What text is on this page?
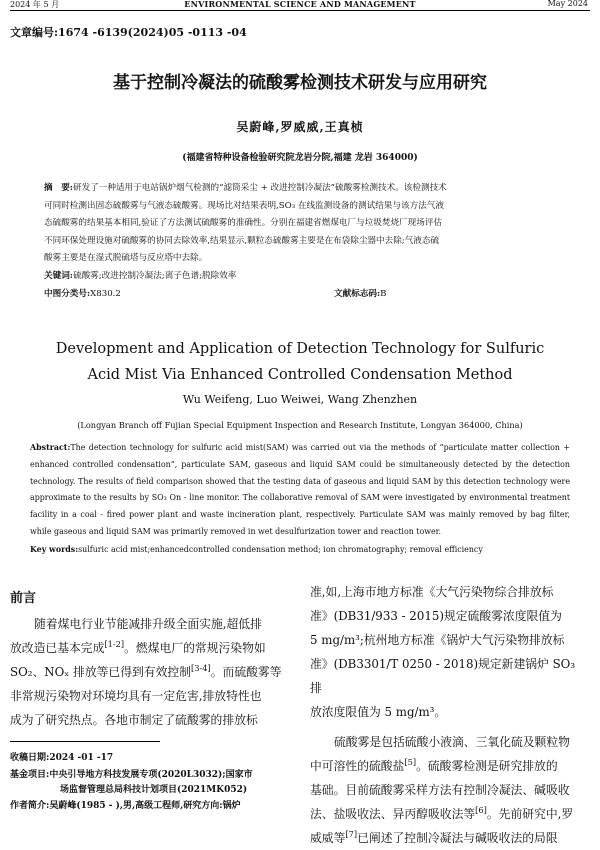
2024 年 5 月	ENVIRONMENTAL SCIENCE AND MANAGEMENT	May 2024
文章编号:1674 -6139(2024)05 -0113 -04
基于控制冷凝法的硫酸雾检测技术研发与应用研究
吴蔚峰,罗威威,王真桢
(福建省特种设备检验研究院龙岩分院,福建 龙岩 364000)
摘　要:研发了一种适用于电站锅炉烟气检测的“滤筒采尘 + 改进控制冷凝法”硫酸雾检测技术。该检测技术
可同时检测出固态硫酸雾与气液态硫酸雾。现场比对结果表明,SO₃ 在线监测设备的测试结果与该方法气液
态硫酸雾的结果基本相同,验证了方法测试硫酸雾的准确性。分别在福建省燃煤电厂与垃圾焚烧厂现场评估
不同环保处理设施对硫酸雾的协同去除效率,结果显示,颗粒态硫酸雾主要是在布袋除尘器中去除;气液态硫
酸雾主要是在湿式脱硫塔与反应塔中去除。
关键词:硫酸雾;改进控制冷凝法;离子色谱;脱除效率
中图分类号:X830.2	文献标志码:B
Development and Application of Detection Technology for Sulfuric
Acid Mist Via Enhanced Controlled Condensation Method
Wu Weifeng, Luo Weiwei, Wang Zhenzhen
(Longyan Branch off Fujian Special Equipment Inspection and Research Institute, Longyan 364000, China)
Abstract:The detection technology for sulfuric acid mist(SAM) was carried out via the methods of “particulate matter collection + enhanced controlled condensation”, particulate SAM, gaseous and liquid SAM could be simultaneously detected by the detection technology. The results of field comparison showed that the testing data of gaseous and liquid SAM by this detection technology were approximate to the results by SO₃ On - line monitor. The collaborative removal of SAM were investigated by environmental treatment facility in a coal - fired power plant and waste incineration plant, respectively. Particulate SAM was mainly removed by bag filter, while gaseous and liquid SAM was primarily removed in wet desulfurization tower and reaction tower.
Key words:sulfuric acid mist;enhancedcontrolled condensation method; ion chromatography; removal efficiency
前言

随着煤电行业节能减排升级全面实施,超低排

放改造已基本完成[1-2]。燃煤电厂的常规污染物如

SO₂、NOₓ 排放等已得到有效控制[3-4]。而硫酸雾等

非常规污染物对环境均具有一定危害,排放特性也

成为了研究热点。各地市制定了硫酸雾的排放标

准,如,上海市地方标准《大气污染物综合排放标

准》(DB31/933 - 2015)规定硫酸雾浓度限值为

5 mg/m³;杭州地方标准《锅炉大气污染物排放标

准》(DB3301/T 0250 - 2018)规定新建锅炉 SO₃ 排

放浓度限值为 5 mg/m³。

硫酸雾是包括硫酸小液滴、三氧化硫及颗粒物

中可溶性的硫酸盐[5]。硫酸雾检测是研究排放的

基础。目前硫酸雾采样方法有控制冷凝法、碱吸收

法、盐吸收法、异丙醇吸收法等[6]。先前研究中,罗

威威等[7]已阐述了控制冷凝法与碱吸收法的局限

收稿日期:2024 -01 -17
基金项目:中央引导地方科技发展专项(2020L3032);国家市
场监督管理总局科技计划项目(2021MK052)
作者简介:吴蔚峰(1985 - ),男,高级工程师,研究方向:锅炉
